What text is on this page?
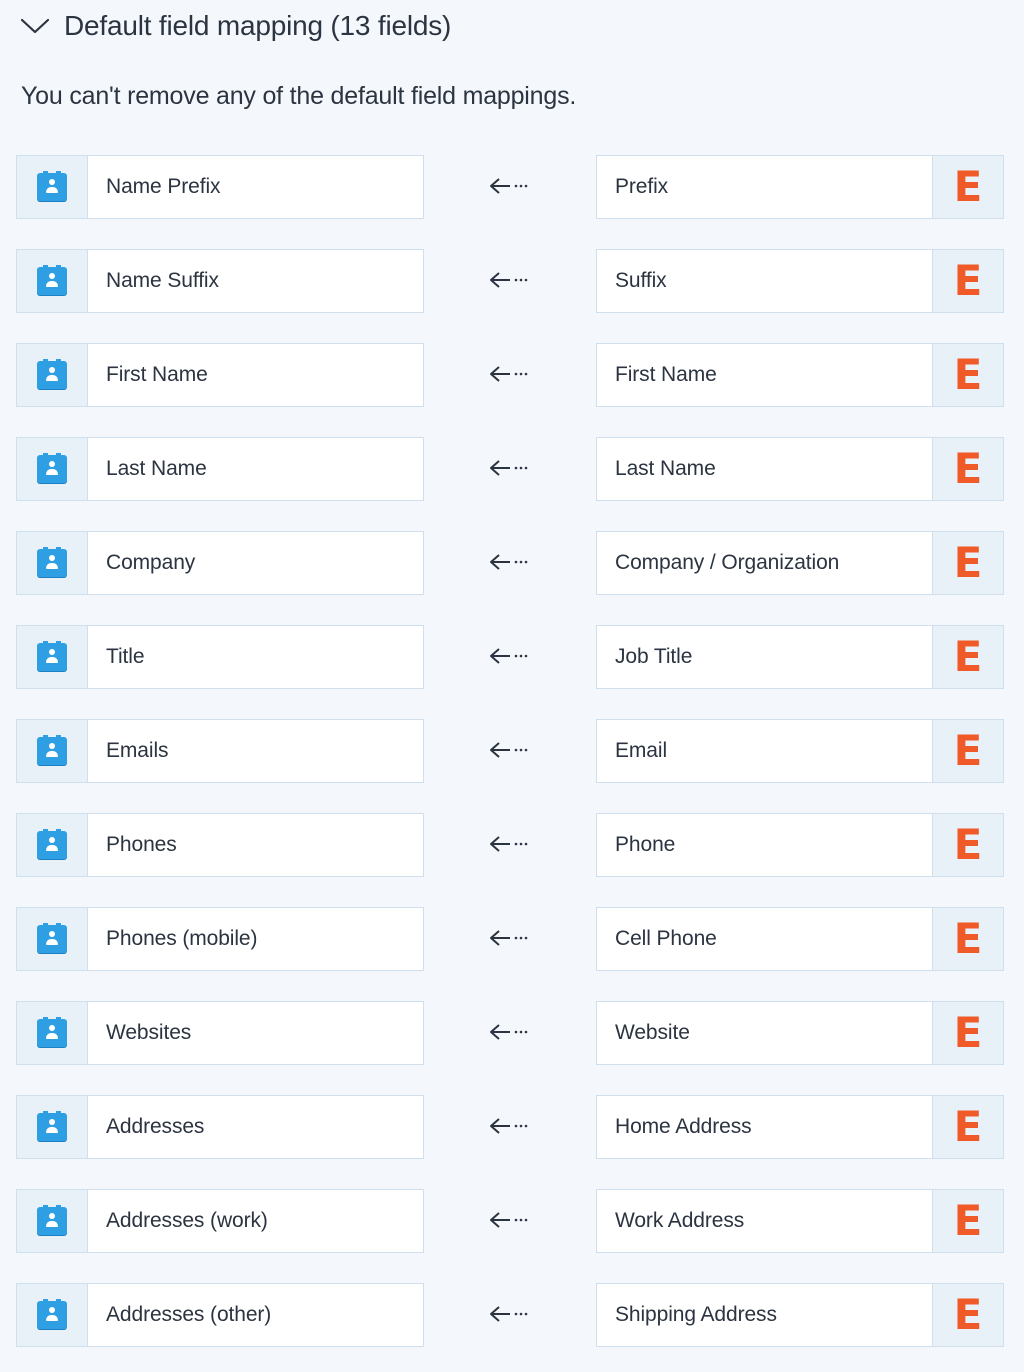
Default field mapping (13 fields)
You can't remove any of the default field mappings.
Name Prefix	Prefix	E
Name Suffix	Suffix	E
First Name	First Name	E
Last Name	Last Name	E
Company	Company / Organization	E
Title	Job Title	E
Emails	Email	E
Phones	Phone	E
Phones (mobile)	Cell Phone	E
Websites	Website	E
Addresses	Home Address	E
Addresses (work)	Work Address	E
Addresses (other)	Shipping Address	E
